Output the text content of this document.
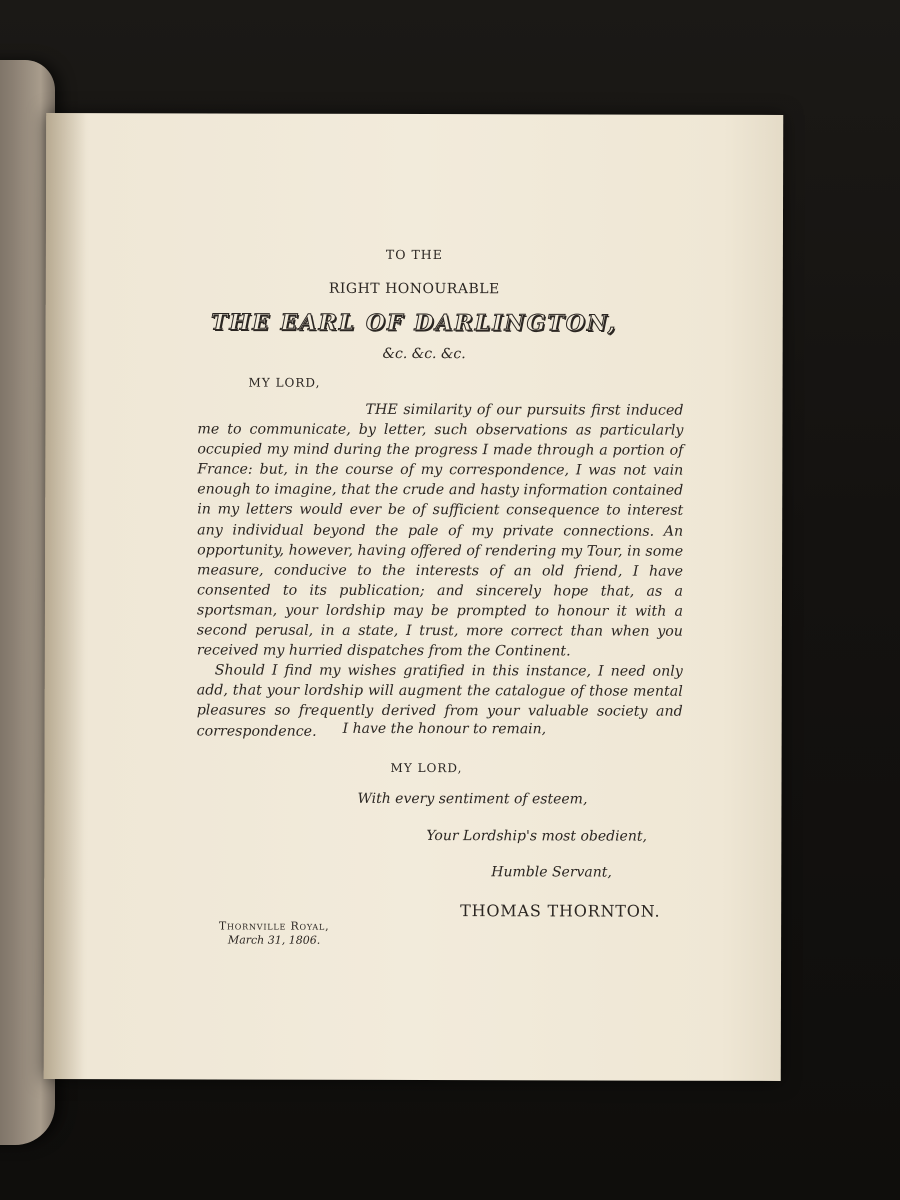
TO THE
RIGHT HONOURABLE
THE EARL OF DARLINGTON,
&c. &c. &c.
MY LORD,

THE similarity of our pursuits first induced me to communicate, by letter, such observations as particularly occupied my mind during the progress I made through a portion of France: but, in the course of my correspondence, I was not vain enough to imagine, that the crude and hasty information contained in my letters would ever be of sufficient consequence to interest any individual beyond the pale of my private connections. An opportunity, however, having offered of rendering my Tour, in some measure, conducive to the interests of an old friend, I have consented to its publication; and sincerely hope that, as a sportsman, your lordship may be prompted to honour it with a second perusal, in a state, I trust, more correct than when you received my hurried dispatches from the Continent.

Should I find my wishes gratified in this instance, I need only add, that your lordship will augment the catalogue of those mental pleasures so frequently derived from your valuable society and correspondence.	I have the honour to remain,
MY LORD,
With every sentiment of esteem,
Your Lordship's most obedient,
Humble Servant,
THOMAS THORNTON.
Thornville Royal,
March 31, 1806.
